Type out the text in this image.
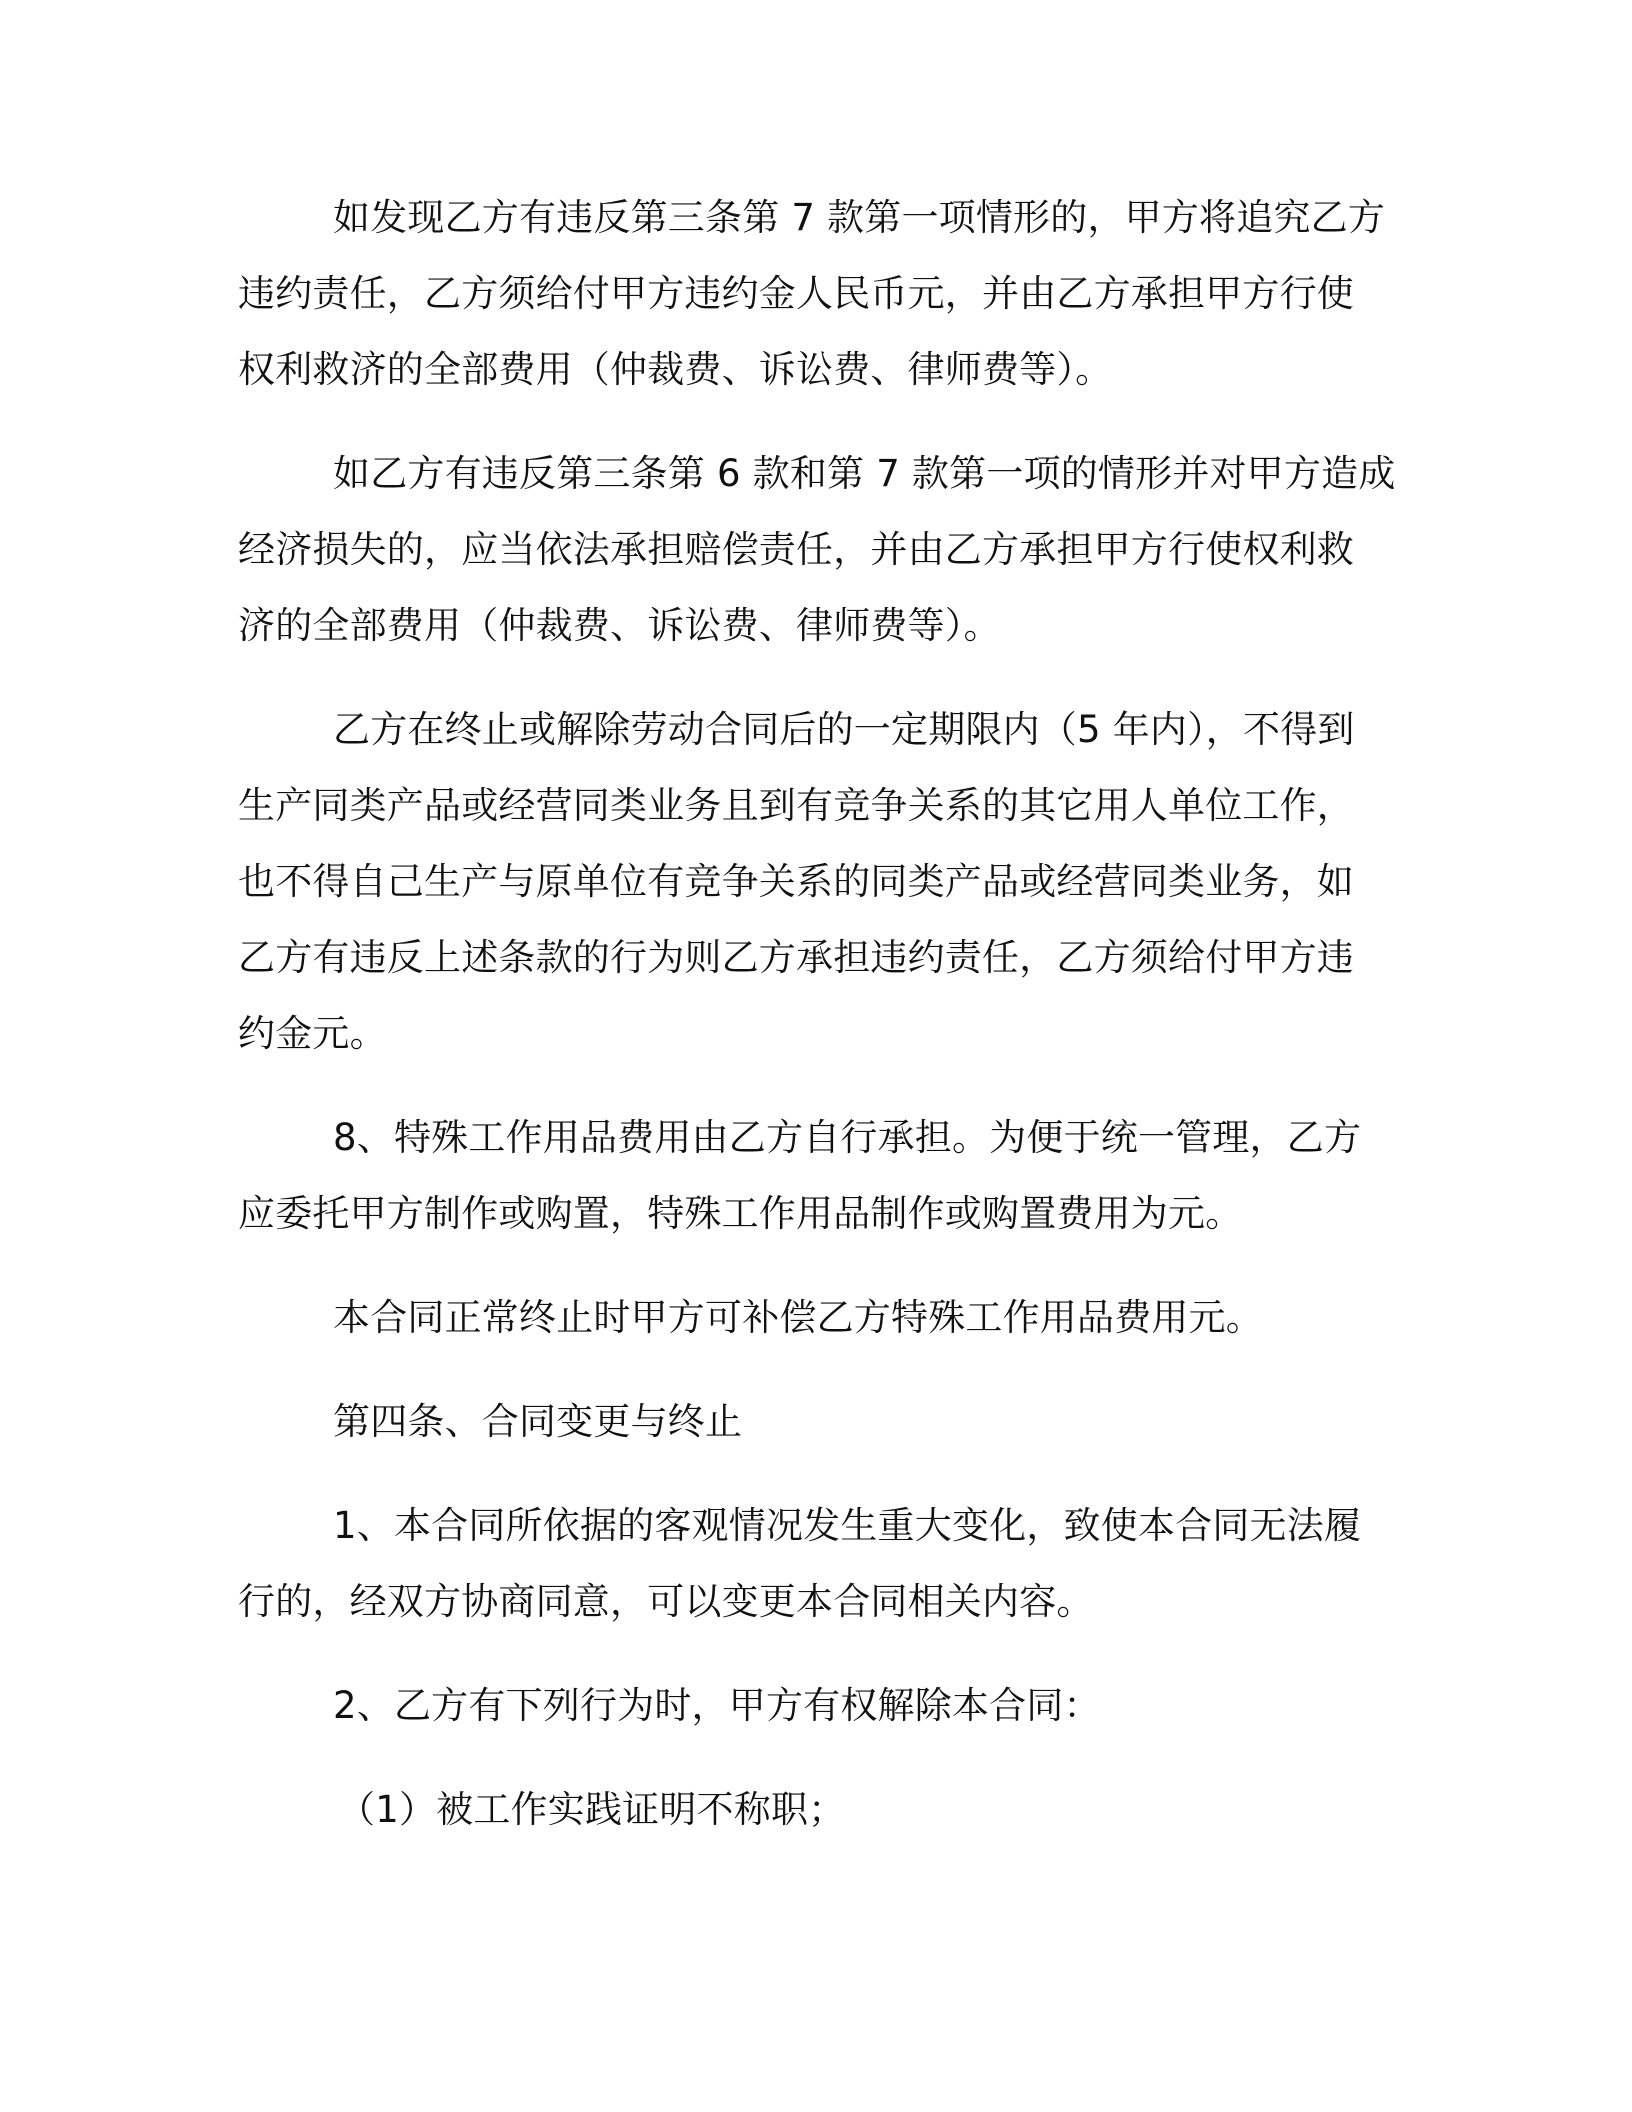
如发现乙方有违反第三条第 7 款第一项情形的，甲方将追究乙方

违约责任，乙方须给付甲方违约金人民币元，并由乙方承担甲方行使

权利救济的全部费用（仲裁费、诉讼费、律师费等）。

如乙方有违反第三条第 6 款和第 7 款第一项的情形并对甲方造成

经济损失的，应当依法承担赔偿责任，并由乙方承担甲方行使权利救

济的全部费用（仲裁费、诉讼费、律师费等）。

乙方在终止或解除劳动合同后的一定期限内（5 年内），不得到

生产同类产品或经营同类业务且到有竞争关系的其它用人单位工作，

也不得自己生产与原单位有竞争关系的同类产品或经营同类业务，如

乙方有违反上述条款的行为则乙方承担违约责任，乙方须给付甲方违

约金元。

8、特殊工作用品费用由乙方自行承担。为便于统一管理，乙方

应委托甲方制作或购置，特殊工作用品制作或购置费用为元。

本合同正常终止时甲方可补偿乙方特殊工作用品费用元。

第四条、合同变更与终止

1、本合同所依据的客观情况发生重大变化，致使本合同无法履

行的，经双方协商同意，可以变更本合同相关内容。

2、乙方有下列行为时，甲方有权解除本合同：

（1）被工作实践证明不称职；
